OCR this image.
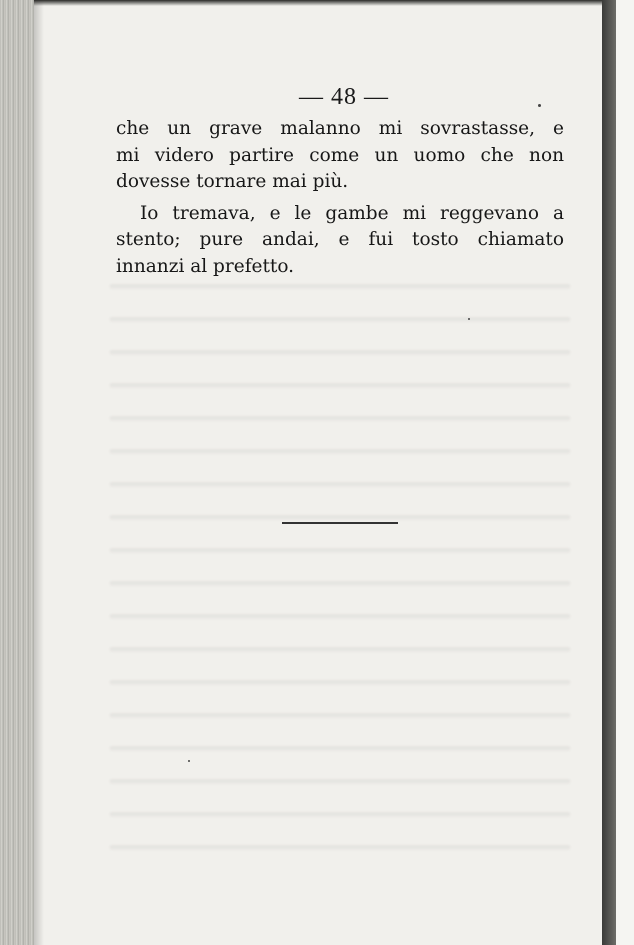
— 48 —
che un grave malanno mi sovrastasse, e
mi videro partire come un uomo che non
dovesse tornare mai più.
Io tremava, e le gambe mi reggevano a
stento; pure andai, e fui tosto chiamato
innanzi al prefetto.
